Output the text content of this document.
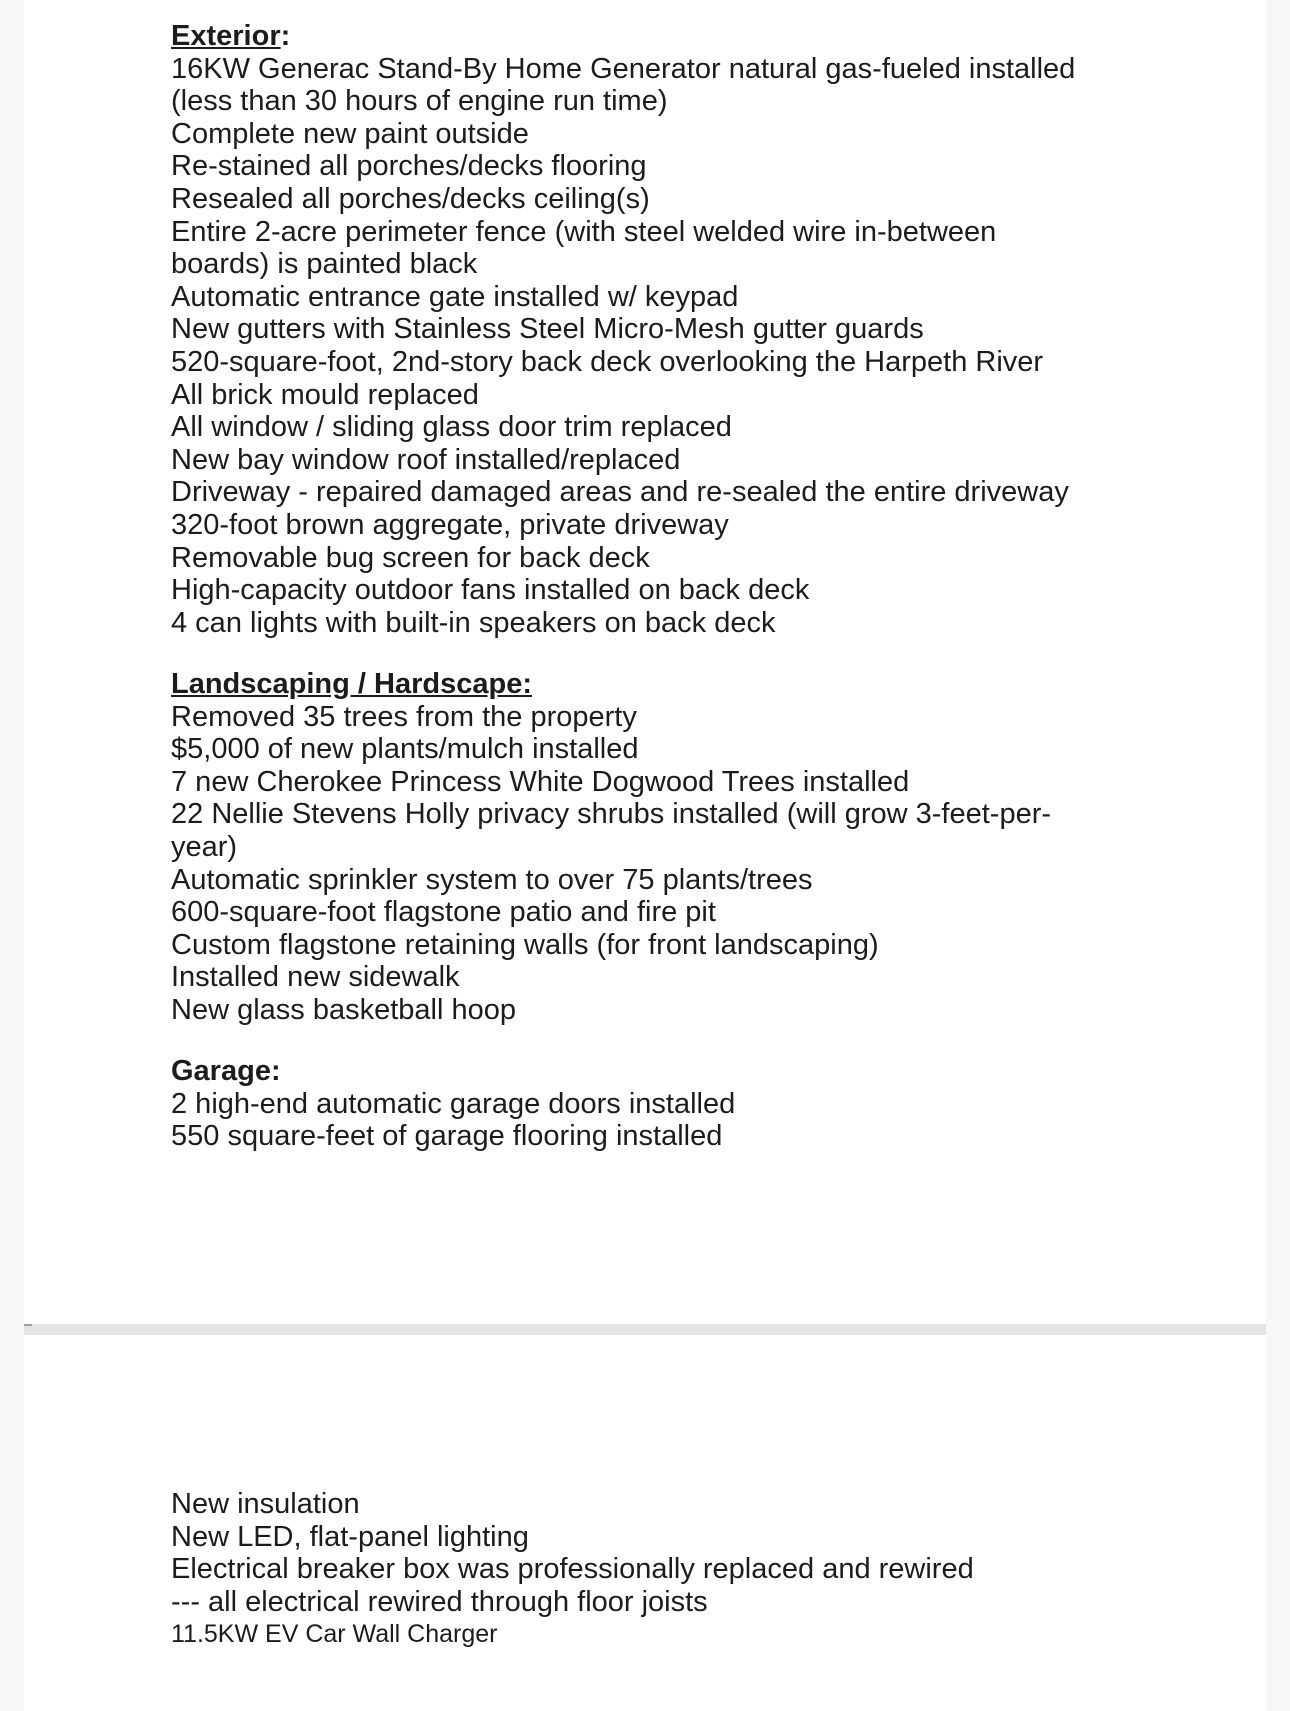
Exterior:
16KW Generac Stand-By Home Generator natural gas-fueled installed
(less than 30 hours of engine run time)
Complete new paint outside
Re-stained all porches/decks flooring
Resealed all porches/decks ceiling(s)
Entire 2-acre perimeter fence (with steel welded wire in-between
boards) is painted black
Automatic entrance gate installed w/ keypad
New gutters with Stainless Steel Micro-Mesh gutter guards
520-square-foot, 2nd-story back deck overlooking the Harpeth River
All brick mould replaced
All window / sliding glass door trim replaced
New bay window roof installed/replaced
Driveway - repaired damaged areas and re-sealed the entire driveway
320-foot brown aggregate, private driveway
Removable bug screen for back deck
High-capacity outdoor fans installed on back deck
4 can lights with built-in speakers on back deck
Landscaping / Hardscape:
Removed 35 trees from the property
$5,000 of new plants/mulch installed
7 new Cherokee Princess White Dogwood Trees installed
22 Nellie Stevens Holly privacy shrubs installed (will grow 3-feet-per-
year)
Automatic sprinkler system to over 75 plants/trees
600-square-foot flagstone patio and fire pit
Custom flagstone retaining walls (for front landscaping)
Installed new sidewalk
New glass basketball hoop
Garage:
2 high-end automatic garage doors installed
550 square-feet of garage flooring installed
New insulation
New LED, flat-panel lighting
Electrical breaker box was professionally replaced and rewired
--- all electrical rewired through floor joists
11.5KW EV Car Wall Charger
